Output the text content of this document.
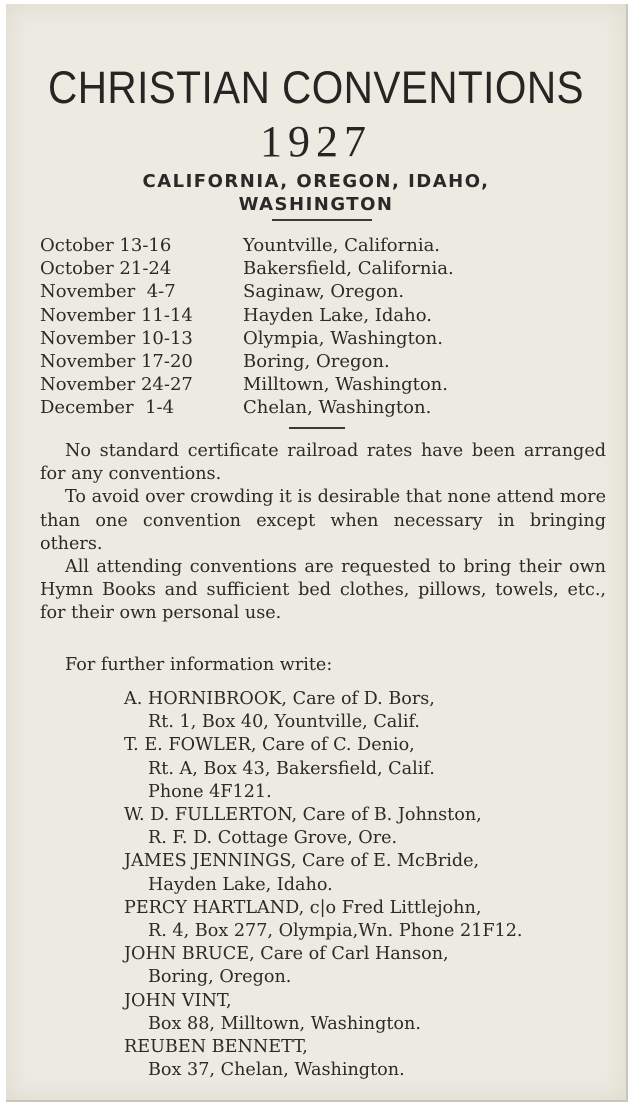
CHRISTIAN CONVENTIONS
1927
CALIFORNIA, OREGON, IDAHO,
WASHINGTON
October 13-16	Yountville, California.
October 21-24	Bakersfield, California.
November  4-7	Saginaw, Oregon.
November 11-14	Hayden Lake, Idaho.
November 10-13	Olympia, Washington.
November 17-20	Boring, Oregon.
November 24-27	Milltown, Washington.
December  1-4	Chelan, Washington.

No standard certificate railroad rates have been arranged for any conventions.

To avoid over crowding it is desirable that none attend more than one convention except when necessary in bringing others.

All attending conventions are requested to bring their own Hymn Books and sufficient bed clothes, pillows, towels, etc., for their own personal use.

For further information write:
A. HORNIBROOK, Care of D. Bors,
Rt. 1, Box 40, Yountville, Calif.
T. E. FOWLER, Care of C. Denio,
Rt. A, Box 43, Bakersfield, Calif.
Phone 4F121.
W. D. FULLERTON, Care of B. Johnston,
R. F. D. Cottage Grove, Ore.
JAMES JENNINGS, Care of E. McBride,
Hayden Lake, Idaho.
PERCY HARTLAND, c|o Fred Littlejohn,
R. 4, Box 277, Olympia,Wn. Phone 21F12.
JOHN BRUCE, Care of Carl Hanson,
Boring, Oregon.
JOHN VINT,
Box 88, Milltown, Washington.
REUBEN BENNETT,
Box 37, Chelan, Washington.
